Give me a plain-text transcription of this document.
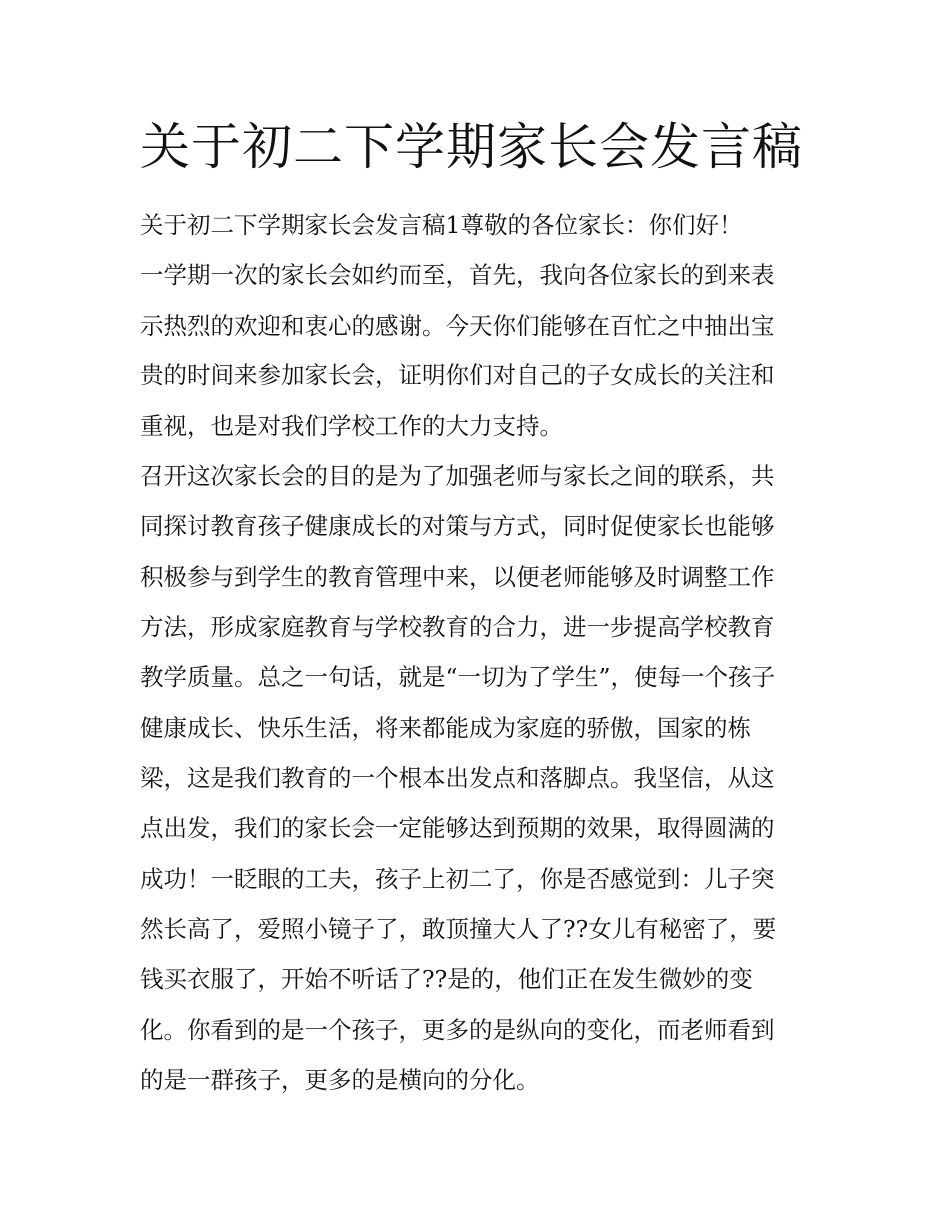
关于初二下学期家长会发言稿

关于初二下学期家长会发言稿1尊敬的各位家长：你们好！

一学期一次的家长会如约而至，首先，我向各位家长的到来表

示热烈的欢迎和衷心的感谢。今天你们能够在百忙之中抽出宝

贵的时间来参加家长会，证明你们对自己的子女成长的关注和

重视，也是对我们学校工作的大力支持。

召开这次家长会的目的是为了加强老师与家长之间的联系，共

同探讨教育孩子健康成长的对策与方式，同时促使家长也能够

积极参与到学生的教育管理中来，以便老师能够及时调整工作

方法，形成家庭教育与学校教育的合力，进一步提高学校教育

教学质量。总之一句话，就是“一切为了学生”，使每一个孩子

健康成长、快乐生活，将来都能成为家庭的骄傲，国家的栋

梁，这是我们教育的一个根本出发点和落脚点。我坚信，从这

点出发，我们的家长会一定能够达到预期的效果，取得圆满的

成功！一眨眼的工夫，孩子上初二了，你是否感觉到：儿子突

然长高了，爱照小镜子了，敢顶撞大人了??女儿有秘密了，要

钱买衣服了，开始不听话了??是的，他们正在发生微妙的变

化。你看到的是一个孩子，更多的是纵向的变化，而老师看到

的是一群孩子，更多的是横向的分化。
